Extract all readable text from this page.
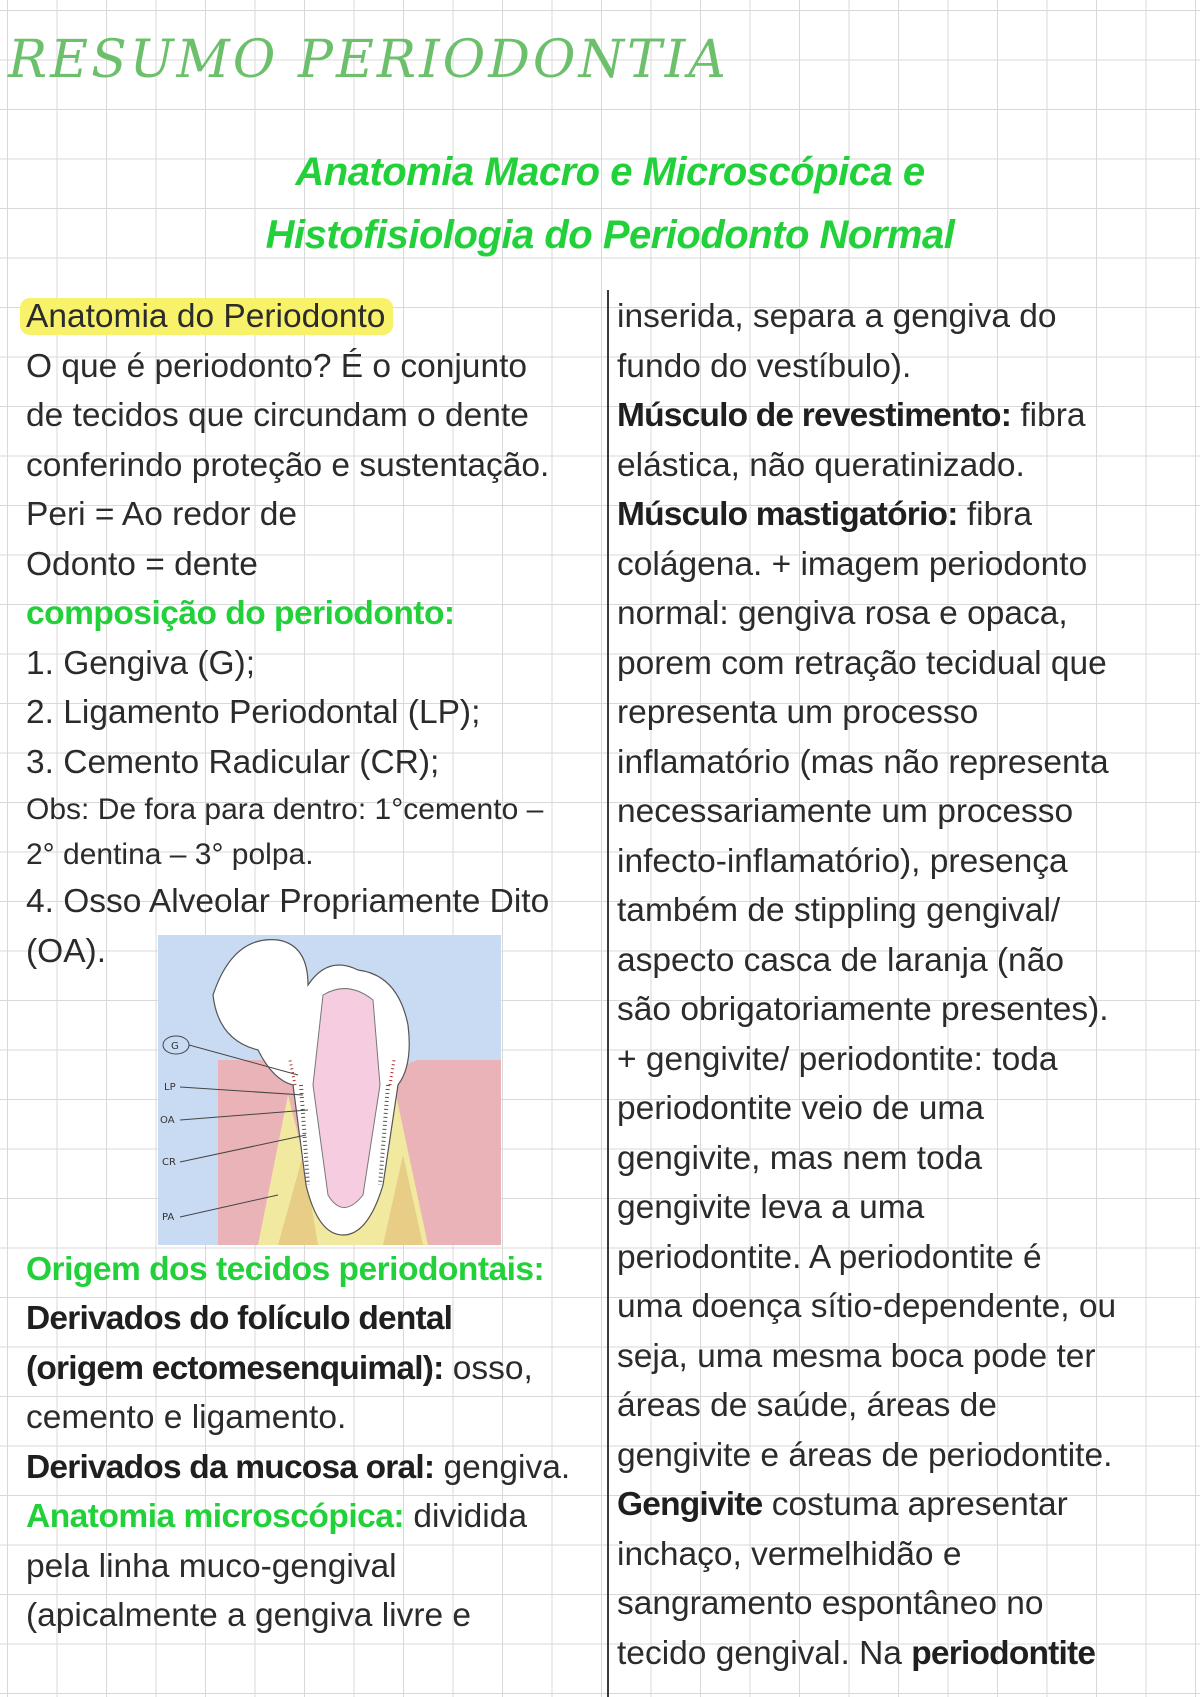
RESUMO PERIODONTIA
Anatomia Macro e Microscópica e
Histofisiologia do Periodonto Normal

Anatomia do Periodonto

O que é periodonto? É o conjunto

de tecidos que circundam o dente

conferindo proteção e sustentação.

Peri = Ao redor de

Odonto = dente

composição do periodonto:

1. Gengiva (G);

2. Ligamento Periodontal (LP);

3. Cemento Radicular (CR);

Obs: De fora para dentro: 1°cemento –

2° dentina – 3° polpa.

4. Osso Alveolar Propriamente Dito

(OA).

G
LP
OA
CR
PA

Origem dos tecidos periodontais:

Derivados do folículo dental

(origem ectomesenquimal): osso,

cemento e ligamento.

Derivados da mucosa oral: gengiva.

Anatomia microscópica: dividida

pela linha muco-gengival

(apicalmente a gengiva livre e

inserida, separa a gengiva do

fundo do vestíbulo).

Músculo de revestimento: fibra

elástica, não queratinizado.

Músculo mastigatório: fibra

colágena. + imagem periodonto

normal: gengiva rosa e opaca,

porem com retração tecidual que

representa um processo

inflamatório (mas não representa

necessariamente um processo

infecto-inflamatório), presença

também de stippling gengival/

aspecto casca de laranja (não

são obrigatoriamente presentes).

+ gengivite/ periodontite: toda

periodontite veio de uma

gengivite, mas nem toda

gengivite leva a uma

periodontite. A periodontite é

uma doença sítio-dependente, ou

seja, uma mesma boca pode ter

áreas de saúde, áreas de

gengivite e áreas de periodontite.

Gengivite costuma apresentar

inchaço, vermelhidão e

sangramento espontâneo no

tecido gengival. Na periodontite
